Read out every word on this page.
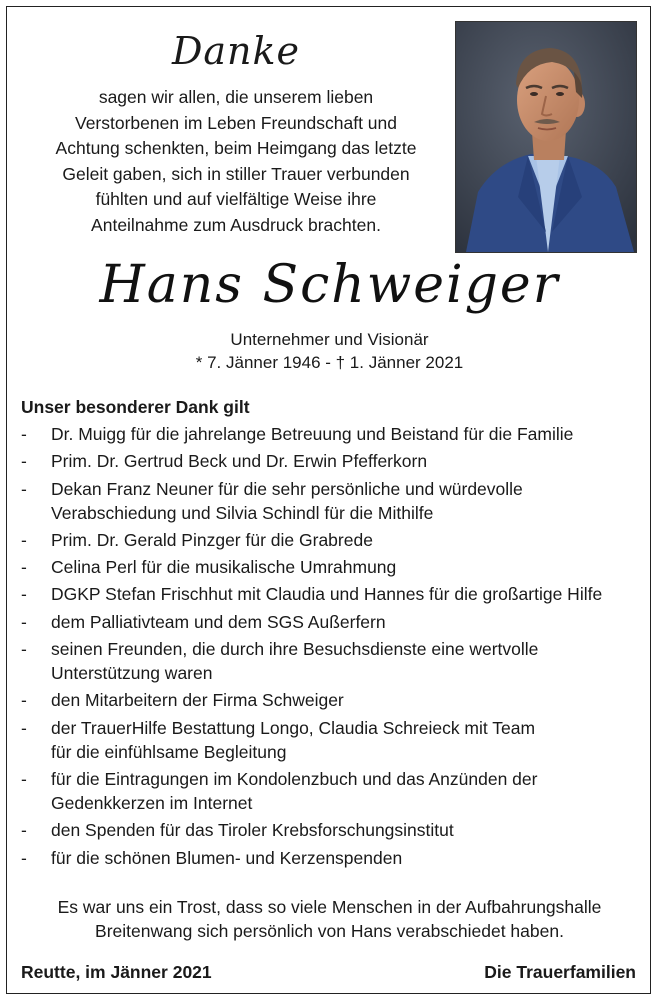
Danke
sagen wir allen, die unserem lieben
Verstorbenen im Leben Freundschaft und
Achtung schenkten, beim Heimgang das letzte
Geleit gaben, sich in stiller Trauer verbunden
fühlten und auf vielfältige Weise ihre
Anteilnahme zum Ausdruck brachten.
Hans Schweiger
Unternehmer und Visionär
* 7. Jänner 1946 - † 1. Jänner 2021
Unser besonderer Dank gilt
- Dr. Muigg für die jahrelange Betreuung und Beistand für die Familie
- Prim. Dr. Gertrud Beck und Dr. Erwin Pfefferkorn
- Dekan Franz Neuner für die sehr persönliche und würdevolle
Verabschiedung und Silvia Schindl für die Mithilfe
- Prim. Dr. Gerald Pinzger für die Grabrede
- Celina Perl für die musikalische Umrahmung
- DGKP Stefan Frischhut mit Claudia und Hannes für die großartige Hilfe
- dem Palliativteam und dem SGS Außerfern
- seinen Freunden, die durch ihre Besuchsdienste eine wertvolle
Unterstützung waren
- den Mitarbeitern der Firma Schweiger
- der TrauerHilfe Bestattung Longo, Claudia Schreieck mit Team
für die einfühlsame Begleitung
- für die Eintragungen im Kondolenzbuch und das Anzünden der
Gedenkkerzen im Internet
- den Spenden für das Tiroler Krebsforschungsinstitut
- für die schönen Blumen- und Kerzenspenden
Es war uns ein Trost, dass so viele Menschen in der Aufbahrungshalle
Breitenwang sich persönlich von Hans verabschiedet haben.
Reutte, im Jänner 2021	Die Trauerfamilien
